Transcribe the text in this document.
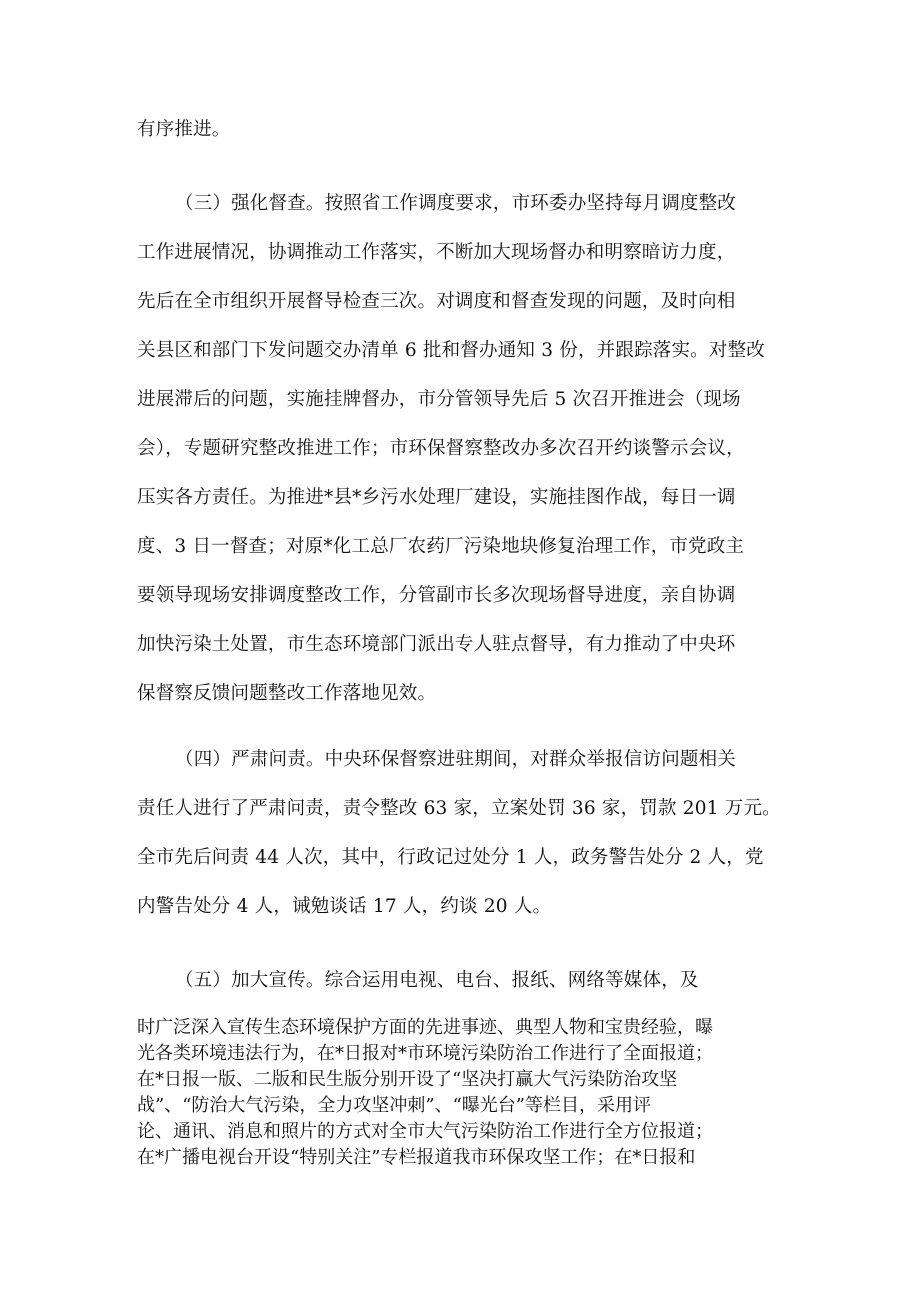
有序推进。
（三）强化督查。按照省工作调度要求，市环委办坚持每月调度整改
工作进展情况，协调推动工作落实，不断加大现场督办和明察暗访力度，
先后在全市组织开展督导检查三次。对调度和督查发现的问题，及时向相
关县区和部门下发问题交办清单 6 批和督办通知 3 份，并跟踪落实。对整改
进展滞后的问题，实施挂牌督办，市分管领导先后 5 次召开推进会（现场
会），专题研究整改推进工作；市环保督察整改办多次召开约谈警示会议，
压实各方责任。为推进*县*乡污水处理厂建设，实施挂图作战，每日一调
度、3 日一督查；对原*化工总厂农药厂污染地块修复治理工作，市党政主
要领导现场安排调度整改工作，分管副市长多次现场督导进度，亲自协调
加快污染土处置，市生态环境部门派出专人驻点督导，有力推动了中央环
保督察反馈问题整改工作落地见效。
（四）严肃问责。中央环保督察进驻期间，对群众举报信访问题相关
责任人进行了严肃问责，责令整改 63 家，立案处罚 36 家，罚款 201 万元。
全市先后问责 44 人次，其中，行政记过处分 1 人，政务警告处分 2 人，党
内警告处分 4 人，诫勉谈话 17 人，约谈 20 人。
（五）加大宣传。综合运用电视、电台、报纸、网络等媒体，及
时广泛深入宣传生态环境保护方面的先进事迹、典型人物和宝贵经验，曝
光各类环境违法行为，在*日报对*市环境污染防治工作进行了全面报道；
在*日报一版、二版和民生版分别开设了“坚决打赢大气污染防治攻坚
战”、“防治大气污染，全力攻坚冲刺”、“曝光台”等栏目，采用评
论、通讯、消息和照片的方式对全市大气污染防治工作进行全方位报道；
在*广播电视台开设“特别关注”专栏报道我市环保攻坚工作；在*日报和
